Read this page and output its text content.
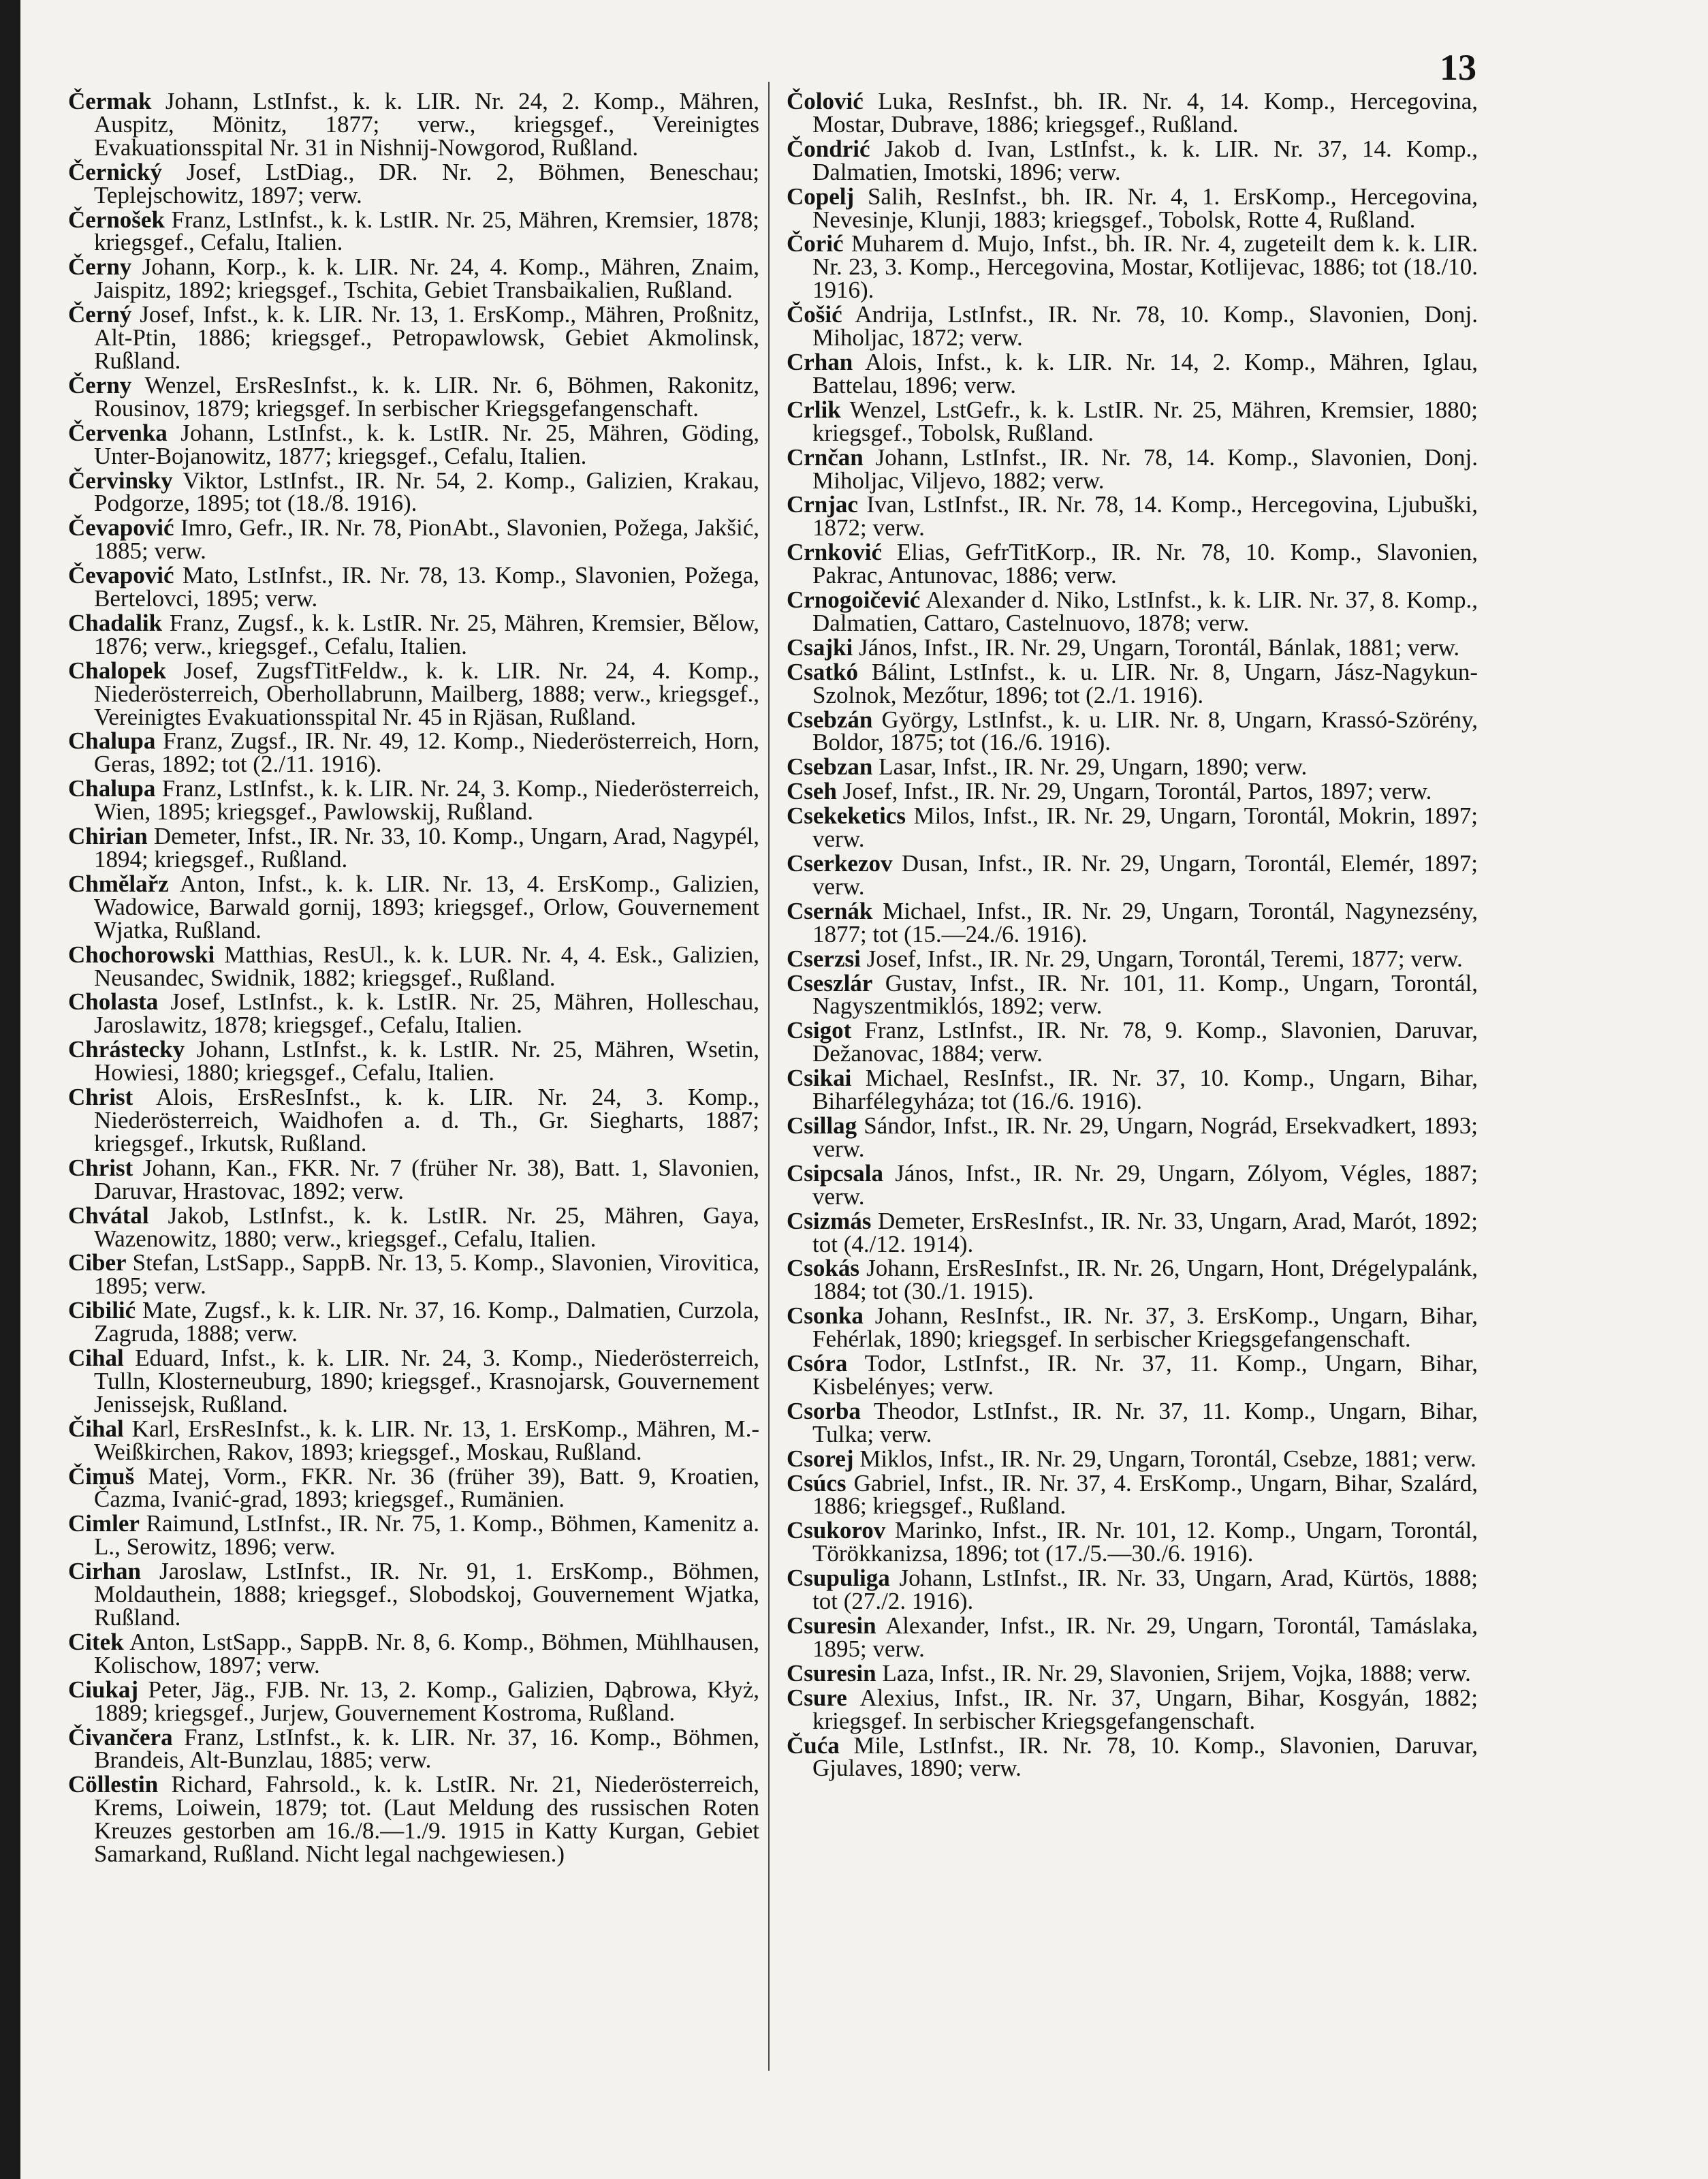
13
Čermak Johann, LstInfst., k. k. LIR. Nr. 24, 2. Komp., Mähren, Auspitz, Mönitz, 1877; verw., kriegsgef., Vereinigtes Evakuationsspital Nr. 31 in Nishnij-Nowgorod, Rußland.
Černický Josef, LstDiag., DR. Nr. 2, Böhmen, Beneschau; Teplejschowitz, 1897; verw.
Černošek Franz, LstInfst., k. k. LstIR. Nr. 25, Mähren, Kremsier, 1878; kriegsgef., Cefalu, Italien.
Černy Johann, Korp., k. k. LIR. Nr. 24, 4. Komp., Mähren, Znaim, Jaispitz, 1892; kriegsgef., Tschita, Gebiet Transbaikalien, Rußland.
Černý Josef, Infst., k. k. LIR. Nr. 13, 1. ErsKomp., Mähren, Proßnitz, Alt-Ptin, 1886; kriegsgef., Petropawlowsk, Gebiet Akmolinsk, Rußland.
Černy Wenzel, ErsResInfst., k. k. LIR. Nr. 6, Böhmen, Rakonitz, Rousinov, 1879; kriegsgef. In serbischer Kriegsgefangenschaft.
Červenka Johann, LstInfst., k. k. LstIR. Nr. 25, Mähren, Göding, Unter-Bojanowitz, 1877; kriegsgef., Cefalu, Italien.
Červinsky Viktor, LstInfst., IR. Nr. 54, 2. Komp., Galizien, Krakau, Podgorze, 1895; tot (18./8. 1916).
Čevapović Imro, Gefr., IR. Nr. 78, PionAbt., Slavonien, Požega, Jakšić, 1885; verw.
Čevapović Mato, LstInfst., IR. Nr. 78, 13. Komp., Slavonien, Požega, Bertelovci, 1895; verw.
Chadalik Franz, Zugsf., k. k. LstIR. Nr. 25, Mähren, Kremsier, Bělow, 1876; verw., kriegsgef., Cefalu, Italien.
Chalopek Josef, ZugsfTitFeldw., k. k. LIR. Nr. 24, 4. Komp., Niederösterreich, Oberhollabrunn, Mailberg, 1888; verw., kriegsgef., Vereinigtes Evakuationsspital Nr. 45 in Rjäsan, Rußland.
Chalupa Franz, Zugsf., IR. Nr. 49, 12. Komp., Niederösterreich, Horn, Geras, 1892; tot (2./11. 1916).
Chalupa Franz, LstInfst., k. k. LIR. Nr. 24, 3. Komp., Niederösterreich, Wien, 1895; kriegsgef., Pawlowskij, Rußland.
Chirian Demeter, Infst., IR. Nr. 33, 10. Komp., Ungarn, Arad, Nagypél, 1894; kriegsgef., Rußland.
Chmělařz Anton, Infst., k. k. LIR. Nr. 13, 4. ErsKomp., Galizien, Wadowice, Barwald gornij, 1893; kriegsgef., Orlow, Gouvernement Wjatka, Rußland.
Chochorowski Matthias, ResUl., k. k. LUR. Nr. 4, 4. Esk., Galizien, Neusandec, Swidnik, 1882; kriegsgef., Rußland.
Cholasta Josef, LstInfst., k. k. LstIR. Nr. 25, Mähren, Holleschau, Jaroslawitz, 1878; kriegsgef., Cefalu, Italien.
Chrástecky Johann, LstInfst., k. k. LstIR. Nr. 25, Mähren, Wsetin, Howiesi, 1880; kriegsgef., Cefalu, Italien.
Christ Alois, ErsResInfst., k. k. LIR. Nr. 24, 3. Komp., Niederösterreich, Waidhofen a. d. Th., Gr. Siegharts, 1887; kriegsgef., Irkutsk, Rußland.
Christ Johann, Kan., FKR. Nr. 7 (früher Nr. 38), Batt. 1, Slavonien, Daruvar, Hrastovac, 1892; verw.
Chvátal Jakob, LstInfst., k. k. LstIR. Nr. 25, Mähren, Gaya, Wazenowitz, 1880; verw., kriegsgef., Cefalu, Italien.
Ciber Stefan, LstSapp., SappB. Nr. 13, 5. Komp., Slavonien, Virovitica, 1895; verw.
Cibilić Mate, Zugsf., k. k. LIR. Nr. 37, 16. Komp., Dalmatien, Curzola, Zagruda, 1888; verw.
Cihal Eduard, Infst., k. k. LIR. Nr. 24, 3. Komp., Niederösterreich, Tulln, Klosterneuburg, 1890; kriegsgef., Krasnojarsk, Gouvernement Jenissejsk, Rußland.
Čihal Karl, ErsResInfst., k. k. LIR. Nr. 13, 1. ErsKomp., Mähren, M.-Weißkirchen, Rakov, 1893; kriegsgef., Moskau, Rußland.
Čimuš Matej, Vorm., FKR. Nr. 36 (früher 39), Batt. 9, Kroatien, Čazma, Ivanić-grad, 1893; kriegsgef., Rumänien.
Cimler Raimund, LstInfst., IR. Nr. 75, 1. Komp., Böhmen, Kamenitz a. L., Serowitz, 1896; verw.
Cirhan Jaroslaw, LstInfst., IR. Nr. 91, 1. ErsKomp., Böhmen, Moldauthein, 1888; kriegsgef., Slobodskoj, Gouvernement Wjatka, Rußland.
Citek Anton, LstSapp., SappB. Nr. 8, 6. Komp., Böhmen, Mühlhausen, Kolischow, 1897; verw.
Ciukaj Peter, Jäg., FJB. Nr. 13, 2. Komp., Galizien, Dąbrowa, Kłyż, 1889; kriegsgef., Jurjew, Gouvernement Kostroma, Rußland.
Čivančera Franz, LstInfst., k. k. LIR. Nr. 37, 16. Komp., Böhmen, Brandeis, Alt-Bunzlau, 1885; verw.
Cöllestin Richard, Fahrsold., k. k. LstIR. Nr. 21, Niederösterreich, Krems, Loiwein, 1879; tot. (Laut Meldung des russischen Roten Kreuzes gestorben am 16./8.—1./9. 1915 in Katty Kurgan, Gebiet Samarkand, Rußland. Nicht legal nachgewiesen.)
Čolović Luka, ResInfst., bh. IR. Nr. 4, 14. Komp., Hercegovina, Mostar, Dubrave, 1886; kriegsgef., Rußland.
Čondrić Jakob d. Ivan, LstInfst., k. k. LIR. Nr. 37, 14. Komp., Dalmatien, Imotski, 1896; verw.
Copelj Salih, ResInfst., bh. IR. Nr. 4, 1. ErsKomp., Hercegovina, Nevesinje, Klunji, 1883; kriegsgef., Tobolsk, Rotte 4, Rußland.
Čorić Muharem d. Mujo, Infst., bh. IR. Nr. 4, zugeteilt dem k. k. LIR. Nr. 23, 3. Komp., Hercegovina, Mostar, Kotlijevac, 1886; tot (18./10. 1916).
Čošić Andrija, LstInfst., IR. Nr. 78, 10. Komp., Slavonien, Donj. Miholjac, 1872; verw.
Crhan Alois, Infst., k. k. LIR. Nr. 14, 2. Komp., Mähren, Iglau, Battelau, 1896; verw.
Crlik Wenzel, LstGefr., k. k. LstIR. Nr. 25, Mähren, Kremsier, 1880; kriegsgef., Tobolsk, Rußland.
Crnčan Johann, LstInfst., IR. Nr. 78, 14. Komp., Slavonien, Donj. Miholjac, Viljevo, 1882; verw.
Crnjac Ivan, LstInfst., IR. Nr. 78, 14. Komp., Hercegovina, Ljubuški, 1872; verw.
Crnković Elias, GefrTitKorp., IR. Nr. 78, 10. Komp., Slavonien, Pakrac, Antunovac, 1886; verw.
Crnogoičević Alexander d. Niko, LstInfst., k. k. LIR. Nr. 37, 8. Komp., Dalmatien, Cattaro, Castelnuovo, 1878; verw.
Csajki János, Infst., IR. Nr. 29, Ungarn, Torontál, Bánlak, 1881; verw.
Csatkó Bálint, LstInfst., k. u. LIR. Nr. 8, Ungarn, Jász-Nagykun-Szolnok, Mezőtur, 1896; tot (2./1. 1916).
Csebzán György, LstInfst., k. u. LIR. Nr. 8, Ungarn, Krassó-Szörény, Boldor, 1875; tot (16./6. 1916).
Csebzan Lasar, Infst., IR. Nr. 29, Ungarn, 1890; verw.
Cseh Josef, Infst., IR. Nr. 29, Ungarn, Torontál, Partos, 1897; verw.
Csekeketics Milos, Infst., IR. Nr. 29, Ungarn, Torontál, Mokrin, 1897; verw.
Cserkezov Dusan, Infst., IR. Nr. 29, Ungarn, Torontál, Elemér, 1897; verw.
Csernák Michael, Infst., IR. Nr. 29, Ungarn, Torontál, Nagynezsény, 1877; tot (15.—24./6. 1916).
Cserzsi Josef, Infst., IR. Nr. 29, Ungarn, Torontál, Teremi, 1877; verw.
Cseszlár Gustav, Infst., IR. Nr. 101, 11. Komp., Ungarn, Torontál, Nagyszentmiklós, 1892; verw.
Csigot Franz, LstInfst., IR. Nr. 78, 9. Komp., Slavonien, Daruvar, Dežanovac, 1884; verw.
Csikai Michael, ResInfst., IR. Nr. 37, 10. Komp., Ungarn, Bihar, Biharfélegyháza; tot (16./6. 1916).
Csillag Sándor, Infst., IR. Nr. 29, Ungarn, Nográd, Ersekvadkert, 1893; verw.
Csipcsala János, Infst., IR. Nr. 29, Ungarn, Zólyom, Végles, 1887; verw.
Csizmás Demeter, ErsResInfst., IR. Nr. 33, Ungarn, Arad, Marót, 1892; tot (4./12. 1914).
Csokás Johann, ErsResInfst., IR. Nr. 26, Ungarn, Hont, Drégelypalánk, 1884; tot (30./1. 1915).
Csonka Johann, ResInfst., IR. Nr. 37, 3. ErsKomp., Ungarn, Bihar, Fehérlak, 1890; kriegsgef. In serbischer Kriegsgefangenschaft.
Csóra Todor, LstInfst., IR. Nr. 37, 11. Komp., Ungarn, Bihar, Kisbelényes; verw.
Csorba Theodor, LstInfst., IR. Nr. 37, 11. Komp., Ungarn, Bihar, Tulka; verw.
Csorej Miklos, Infst., IR. Nr. 29, Ungarn, Torontál, Csebze, 1881; verw.
Csúcs Gabriel, Infst., IR. Nr. 37, 4. ErsKomp., Ungarn, Bihar, Szalárd, 1886; kriegsgef., Rußland.
Csukorov Marinko, Infst., IR. Nr. 101, 12. Komp., Ungarn, Torontál, Törökkanizsa, 1896; tot (17./5.—30./6. 1916).
Csupuliga Johann, LstInfst., IR. Nr. 33, Ungarn, Arad, Kürtös, 1888; tot (27./2. 1916).
Csuresin Alexander, Infst., IR. Nr. 29, Ungarn, Torontál, Tamáslaka, 1895; verw.
Csuresin Laza, Infst., IR. Nr. 29, Slavonien, Srijem, Vojka, 1888; verw.
Csure Alexius, Infst., IR. Nr. 37, Ungarn, Bihar, Kosgyán, 1882; kriegsgef. In serbischer Kriegsgefangenschaft.
Čuća Mile, LstInfst., IR. Nr. 78, 10. Komp., Slavonien, Daruvar, Gjulaves, 1890; verw.
